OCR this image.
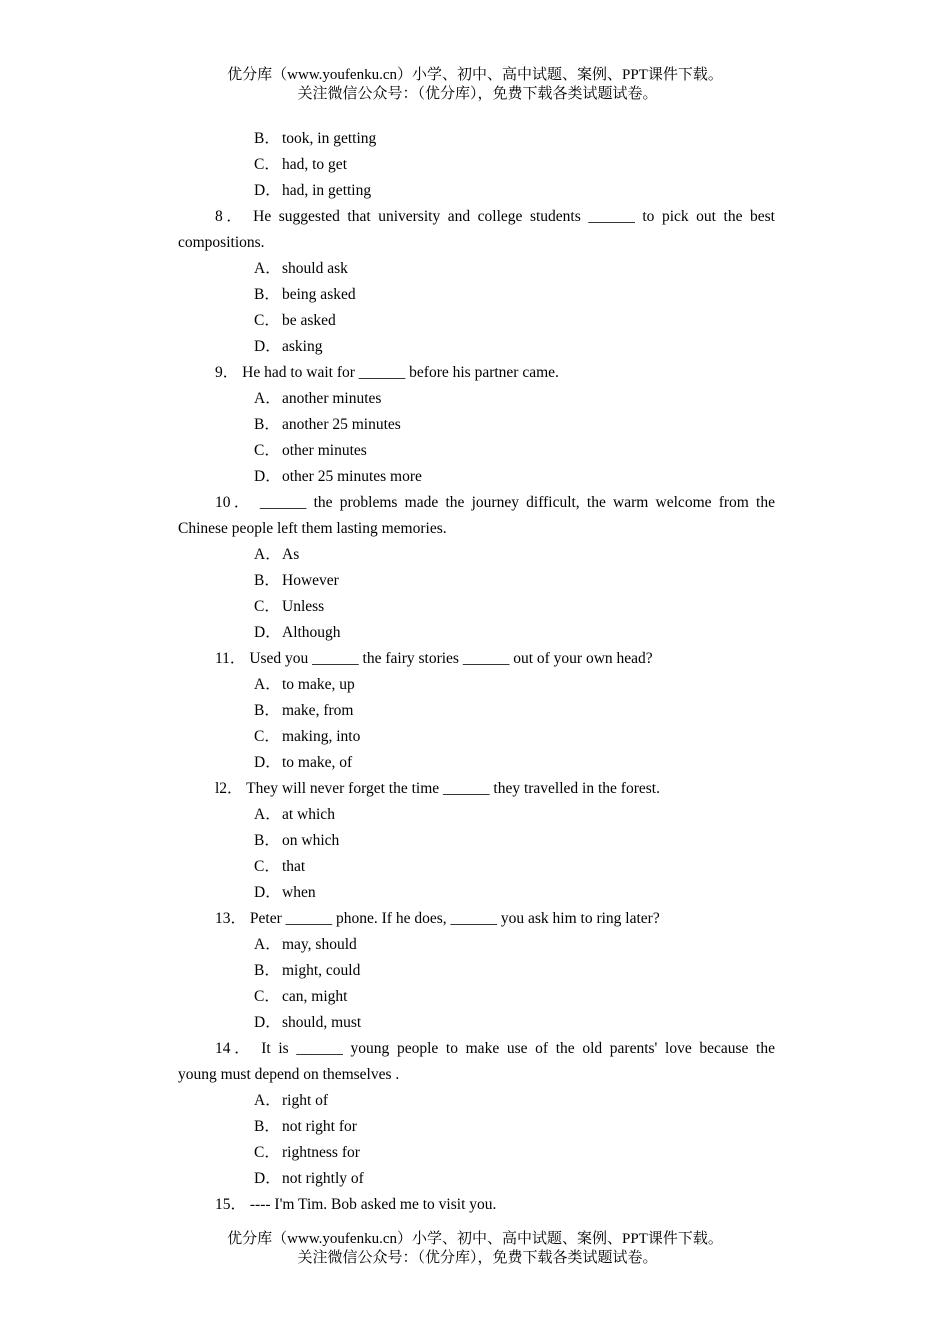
优分库（www.youfenku.cn）小学、初中、高中试题、案例、PPT课件下载。
关注微信公众号：（优分库），免费下载各类试题试卷。
B． took, in getting
C． had, to get
D．had, in getting
8． He suggested that university and college students ______ to pick out the best
compositions.
A．should ask
B． being asked
C． be asked
D．asking
9． He had to wait for ______ before his partner came.
A．another minutes
B． another 25 minutes
C． other minutes
D．other 25 minutes more
10． ______ the problems made the journey difficult, the warm welcome from the
Chinese people left them lasting memories.
A．As
B． However
C． Unless
D．Although
11． Used you ______ the fairy stories ______ out of your own head?
A．to make, up
B． make, from
C． making, into
D．to make, of
l2． They will never forget the time ______ they travelled in the forest.
A．at which
B． on which
C． that
D．when
13． Peter ______ phone. If he does, ______ you ask him to ring later?
A．may, should
B． might, could
C． can, might
D．should, must
14． It is ______ young people to make use of the old parents' love because the
young must depend on themselves .
A．right of
B． not right for
C． rightness for
D．not rightly of
15． ---- I'm Tim. Bob asked me to visit you.
优分库（www.youfenku.cn）小学、初中、高中试题、案例、PPT课件下载。
关注微信公众号：（优分库），免费下载各类试题试卷。
